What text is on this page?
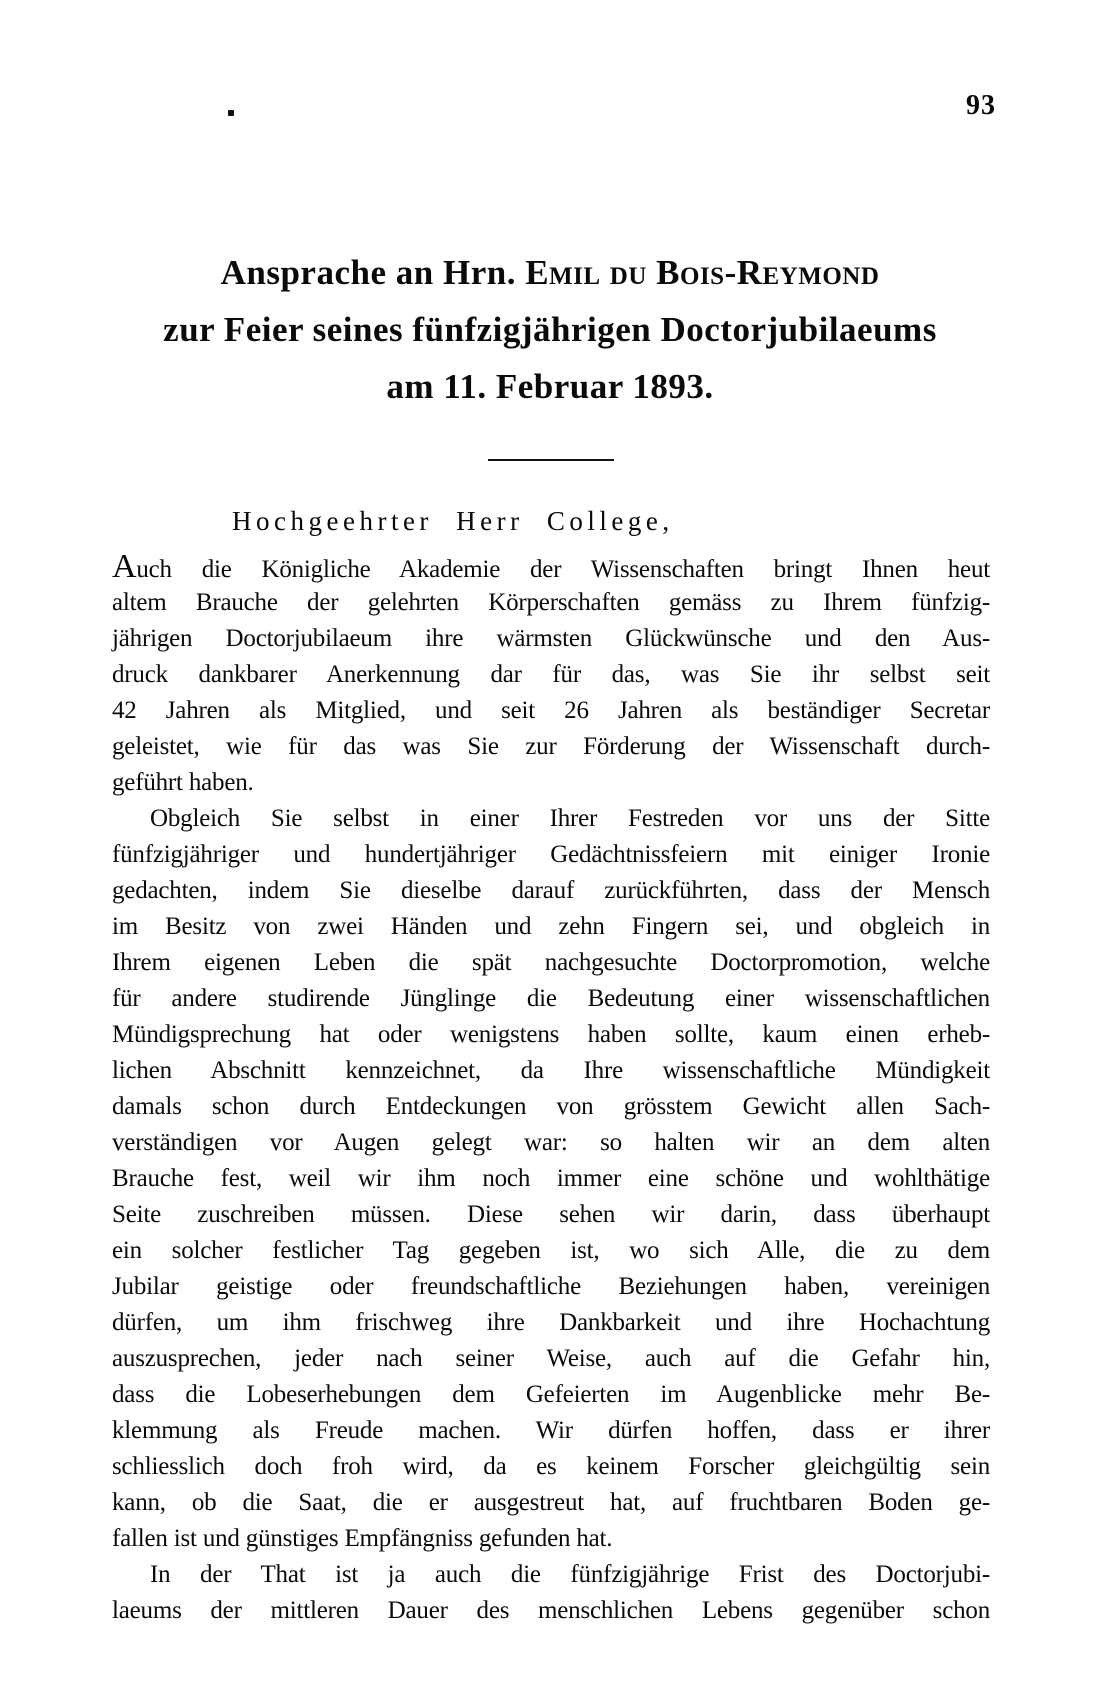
93
Ansprache an Hrn. Emil du Bois-Reymond
zur Feier seines fünfzigjährigen Doctorjubilaeums
am 11. Februar 1893.
Hochgeehrter Herr College,
Auch die Königliche Akademie der Wissenschaften bringt Ihnen heut
altem Brauche der gelehrten Körperschaften gemäss zu Ihrem fünfzig-
jährigen Doctorjubilaeum ihre wärmsten Glückwünsche und den Aus-
druck dankbarer Anerkennung dar für das, was Sie ihr selbst seit
42 Jahren als Mitglied, und seit 26 Jahren als beständiger Secretar
geleistet, wie für das was Sie zur Förderung der Wissenschaft durch-
geführt haben.
Obgleich Sie selbst in einer Ihrer Festreden vor uns der Sitte
fünfzigjähriger und hundertjähriger Gedächtnissfeiern mit einiger Ironie
gedachten, indem Sie dieselbe darauf zurückführten, dass der Mensch
im Besitz von zwei Händen und zehn Fingern sei, und obgleich in
Ihrem eigenen Leben die spät nachgesuchte Doctorpromotion, welche
für andere studirende Jünglinge die Bedeutung einer wissenschaftlichen
Mündigsprechung hat oder wenigstens haben sollte, kaum einen erheb-
lichen Abschnitt kennzeichnet, da Ihre wissenschaftliche Mündigkeit
damals schon durch Entdeckungen von grösstem Gewicht allen Sach-
verständigen vor Augen gelegt war: so halten wir an dem alten
Brauche fest, weil wir ihm noch immer eine schöne und wohlthätige
Seite zuschreiben müssen. Diese sehen wir darin, dass überhaupt
ein solcher festlicher Tag gegeben ist, wo sich Alle, die zu dem
Jubilar geistige oder freundschaftliche Beziehungen haben, vereinigen
dürfen, um ihm frischweg ihre Dankbarkeit und ihre Hochachtung
auszusprechen, jeder nach seiner Weise, auch auf die Gefahr hin,
dass die Lobeserhebungen dem Gefeierten im Augenblicke mehr Be-
klemmung als Freude machen. Wir dürfen hoffen, dass er ihrer
schliesslich doch froh wird, da es keinem Forscher gleichgültig sein
kann, ob die Saat, die er ausgestreut hat, auf fruchtbaren Boden ge-
fallen ist und günstiges Empfängniss gefunden hat.
In der That ist ja auch die fünfzigjährige Frist des Doctorjubi-
laeums der mittleren Dauer des menschlichen Lebens gegenüber schon
